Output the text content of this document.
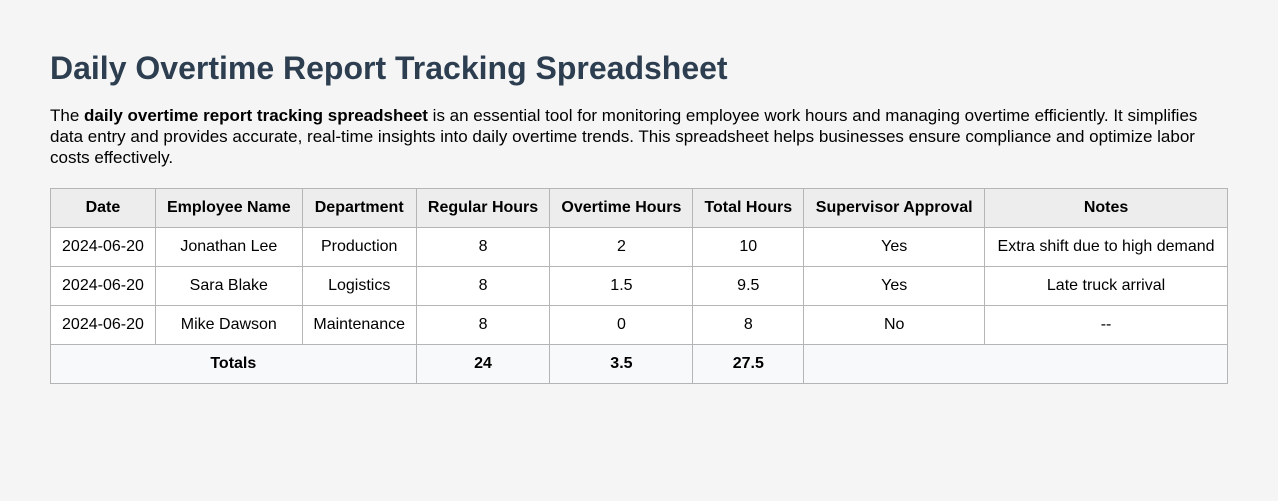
Daily Overtime Report Tracking Spreadsheet

The daily overtime report tracking spreadsheet is an essential tool for monitoring employee work hours and managing overtime efficiently. It simplifies data entry and provides accurate, real-time insights into daily overtime trends. This spreadsheet helps businesses ensure compliance and optimize labor costs effectively.

Date	Employee Name	Department	Regular Hours	Overtime Hours	Total Hours	Supervisor Approval	Notes
2024-06-20	Jonathan Lee	Production	8	2	10	Yes	Extra shift due to high demand
2024-06-20	Sara Blake	Logistics	8	1.5	9.5	Yes	Late truck arrival
2024-06-20	Mike Dawson	Maintenance	8	0	8	No	--
Totals			24	3.5	27.5		
